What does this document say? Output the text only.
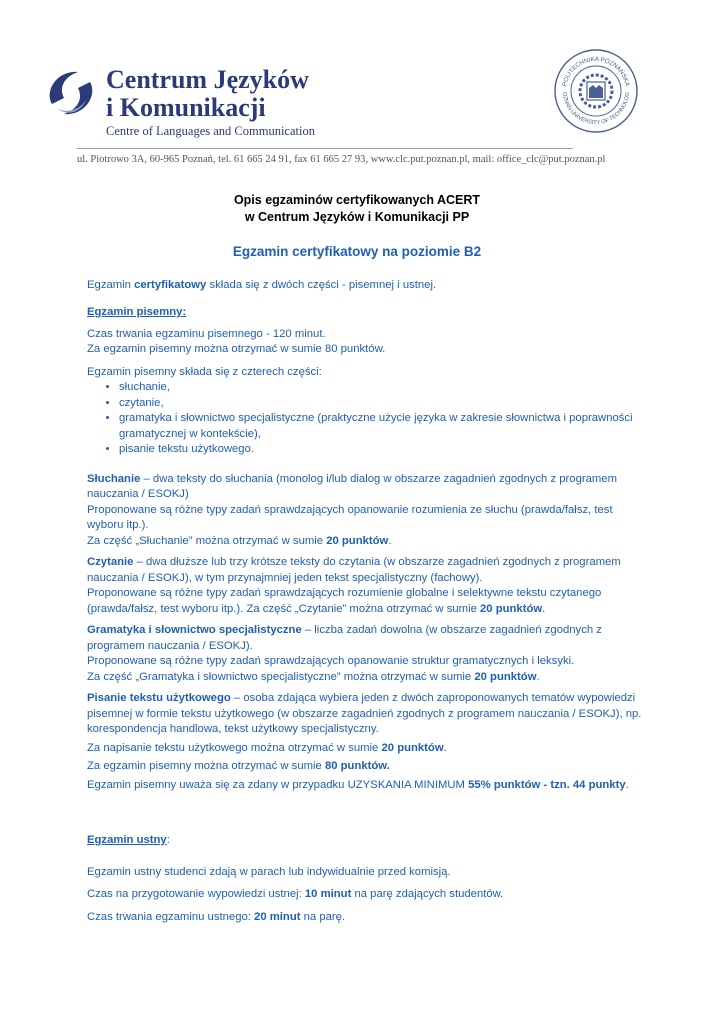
Centrum Języków
i Komunikacji
Centre of Languages and Communication
POLITECHNIKA POZNAŃSKA
OZNAN UNIVERSITY OF TECHNOLOG
ul. Piotrowo 3A, 60-965 Poznań, tel. 61 665 24 91, fax 61 665 27 93, www.clc.put.poznan.pl, mail: office_clc@put.poznan.pl
Opis egzaminów certyfikowanych ACERT
w Centrum Języków i Komunikacji PP
Egzamin certyfikatowy na poziomie B2

Egzamin certyfikatowy składa się z dwóch części - pisemnej i ustnej.

Egzamin pisemny:

Czas trwania egzaminu pisemnego - 120 minut.

Za egzamin pisemny można otrzymać w sumie 80 punktów.

Egzamin pisemny składa się z czterech części:

• słuchanie,
• czytanie,
• gramatyka i słownictwo specjalistyczne (praktyczne użycie języka w zakresie słownictwa i poprawności gramatycznej w kontekście),
• pisanie tekstu użytkowego.

Słuchanie – dwa teksty do słuchania (monolog i/lub dialog w obszarze zagadnień zgodnych z programem nauczania / ESOKJ)

Proponowane są różne typy zadań sprawdzających opanowanie rozumienia ze słuchu (prawda/fałsz, test wyboru itp.).

Za część „Słuchanie” można otrzymać w sumie 20 punktów.

Czytanie – dwa dłuższe lub trzy krótsze teksty do czytania (w obszarze zagadnień zgodnych z programem nauczania / ESOKJ), w tym przynajmniej jeden tekst specjalistyczny (fachowy).

Proponowane są różne typy zadań sprawdzających rozumienie globalne i selektywne tekstu czytanego (prawda/fałsz, test wyboru itp.). Za część „Czytanie” można otrzymać w sumie 20 punktów.

Gramatyka i słownictwo specjalistyczne – liczba zadań dowolna (w obszarze zagadnień zgodnych z programem nauczania / ESOKJ).

Proponowane są różne typy zadań sprawdzających opanowanie struktur gramatycznych i leksyki.

Za część „Gramatyka i słownictwo specjalistyczne” można otrzymać w sumie 20 punktów.

Pisanie tekstu użytkowego – osoba zdająca wybiera jeden z dwóch zaproponowanych tematów wypowiedzi pisemnej w formie tekstu użytkowego (w obszarze zagadnień zgodnych z programem nauczania / ESOKJ), np. korespondencja handlowa, tekst użytkowy specjalistyczny.

Za napisanie tekstu użytkowego można otrzymać w sumie 20 punktów.

Za egzamin pisemny można otrzymać w sumie 80 punktów.

Egzamin pisemny uważa się za zdany w przypadku UZYSKANIA MINIMUM 55% punktów - tzn. 44 punkty.

Egzamin ustny:

Egzamin ustny studenci zdają w parach lub indywidualnie przed komisją.

Czas na przygotowanie wypowiedzi ustnej: 10 minut na parę zdających studentów.

Czas trwania egzaminu ustnego: 20 minut na parę.
